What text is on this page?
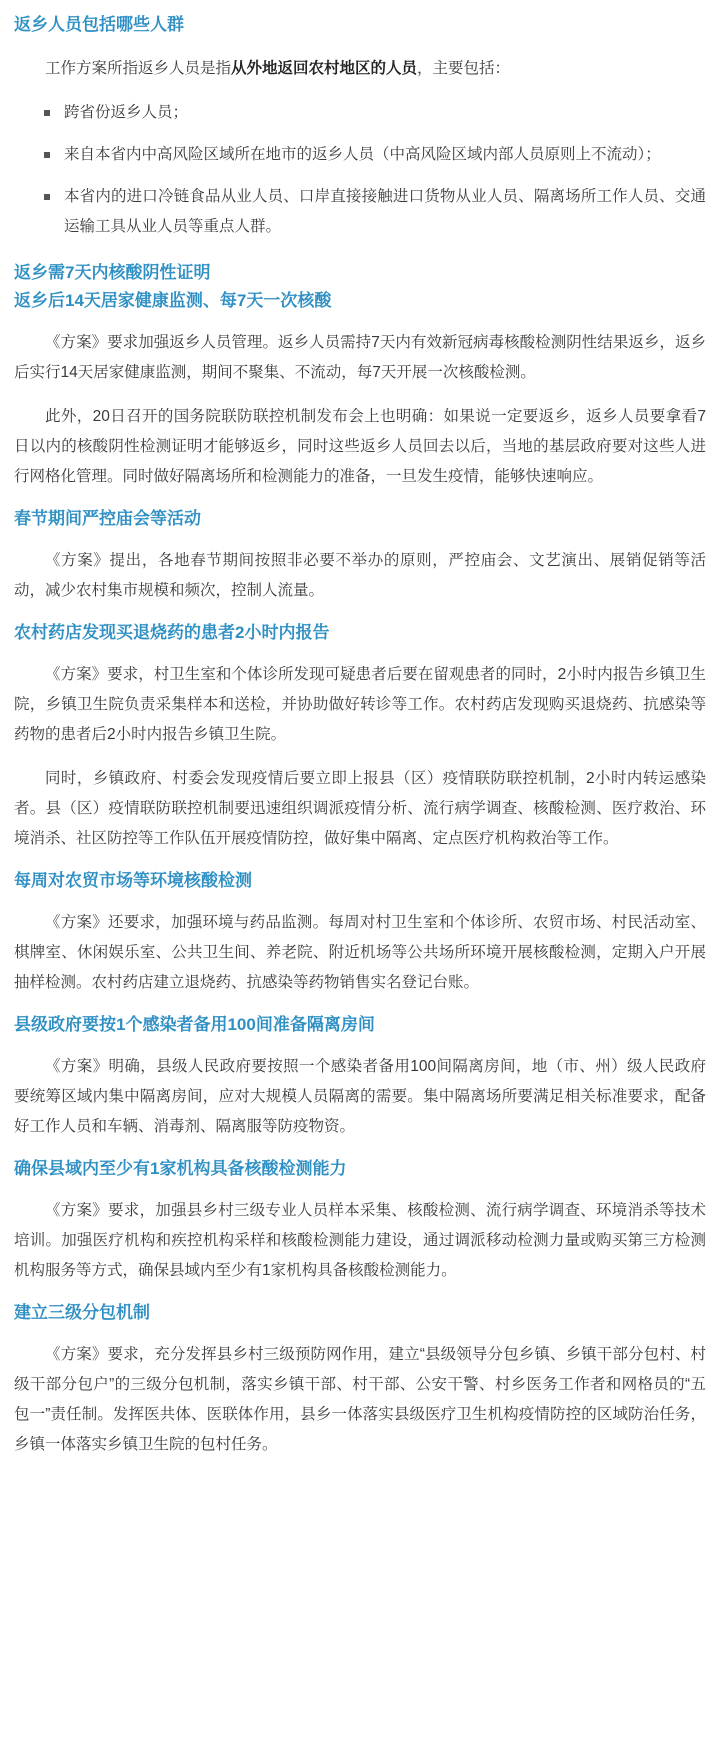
返乡人员包括哪些人群

工作方案所指返乡人员是指从外地返回农村地区的人员，主要包括：

跨省份返乡人员；
来自本省内中高风险区域所在地市的返乡人员（中高风险区域内部人员原则上不流动）；
本省内的进口冷链食品从业人员、口岸直接接触进口货物从业人员、隔离场所工作人员、交通运输工具从业人员等重点人群。
返乡需7天内核酸阴性证明
返乡后14天居家健康监测、每7天一次核酸

《方案》要求加强返乡人员管理。返乡人员需持7天内有效新冠病毒核酸检测阴性结果返乡，返乡后实行14天居家健康监测，期间不聚集、不流动，每7天开展一次核酸检测。

此外，20日召开的国务院联防联控机制发布会上也明确：如果说一定要返乡，返乡人员要拿看7日以内的核酸阴性检测证明才能够返乡，同时这些返乡人员回去以后，当地的基层政府要对这些人进行网格化管理。同时做好隔离场所和检测能力的准备，一旦发生疫情，能够快速响应。

春节期间严控庙会等活动

《方案》提出，各地春节期间按照非必要不举办的原则，严控庙会、文艺演出、展销促销等活动，减少农村集市规模和频次，控制人流量。

农村药店发现买退烧药的患者2小时内报告

《方案》要求，村卫生室和个体诊所发现可疑患者后要在留观患者的同时，2小时内报告乡镇卫生院，乡镇卫生院负责采集样本和送检，并协助做好转诊等工作。农村药店发现购买退烧药、抗感染等药物的患者后2小时内报告乡镇卫生院。

同时，乡镇政府、村委会发现疫情后要立即上报县（区）疫情联防联控机制，2小时内转运感染者。县（区）疫情联防联控机制要迅速组织调派疫情分析、流行病学调查、核酸检测、医疗救治、环境消杀、社区防控等工作队伍开展疫情防控，做好集中隔离、定点医疗机构救治等工作。

每周对农贸市场等环境核酸检测

《方案》还要求，加强环境与药品监测。每周对村卫生室和个体诊所、农贸市场、村民活动室、棋牌室、休闲娱乐室、公共卫生间、养老院、附近机场等公共场所环境开展核酸检测，定期入户开展抽样检测。农村药店建立退烧药、抗感染等药物销售实名登记台账。

县级政府要按1个感染者备用100间准备隔离房间

《方案》明确，县级人民政府要按照一个感染者备用100间隔离房间，地（市、州）级人民政府要统筹区域内集中隔离房间，应对大规模人员隔离的需要。集中隔离场所要满足相关标准要求，配备好工作人员和车辆、消毒剂、隔离服等防疫物资。

确保县域内至少有1家机构具备核酸检测能力

《方案》要求，加强县乡村三级专业人员样本采集、核酸检测、流行病学调查、环境消杀等技术培训。加强医疗机构和疾控机构采样和核酸检测能力建设，通过调派移动检测力量或购买第三方检测机构服务等方式，确保县域内至少有1家机构具备核酸检测能力。

建立三级分包机制

《方案》要求，充分发挥县乡村三级预防网作用，建立“县级领导分包乡镇、乡镇干部分包村、村级干部分包户”的三级分包机制，落实乡镇干部、村干部、公安干警、村乡医务工作者和网格员的“五包一”责任制。发挥医共体、医联体作用，县乡一体落实县级医疗卫生机构疫情防控的区域防治任务，乡镇一体落实乡镇卫生院的包村任务。
